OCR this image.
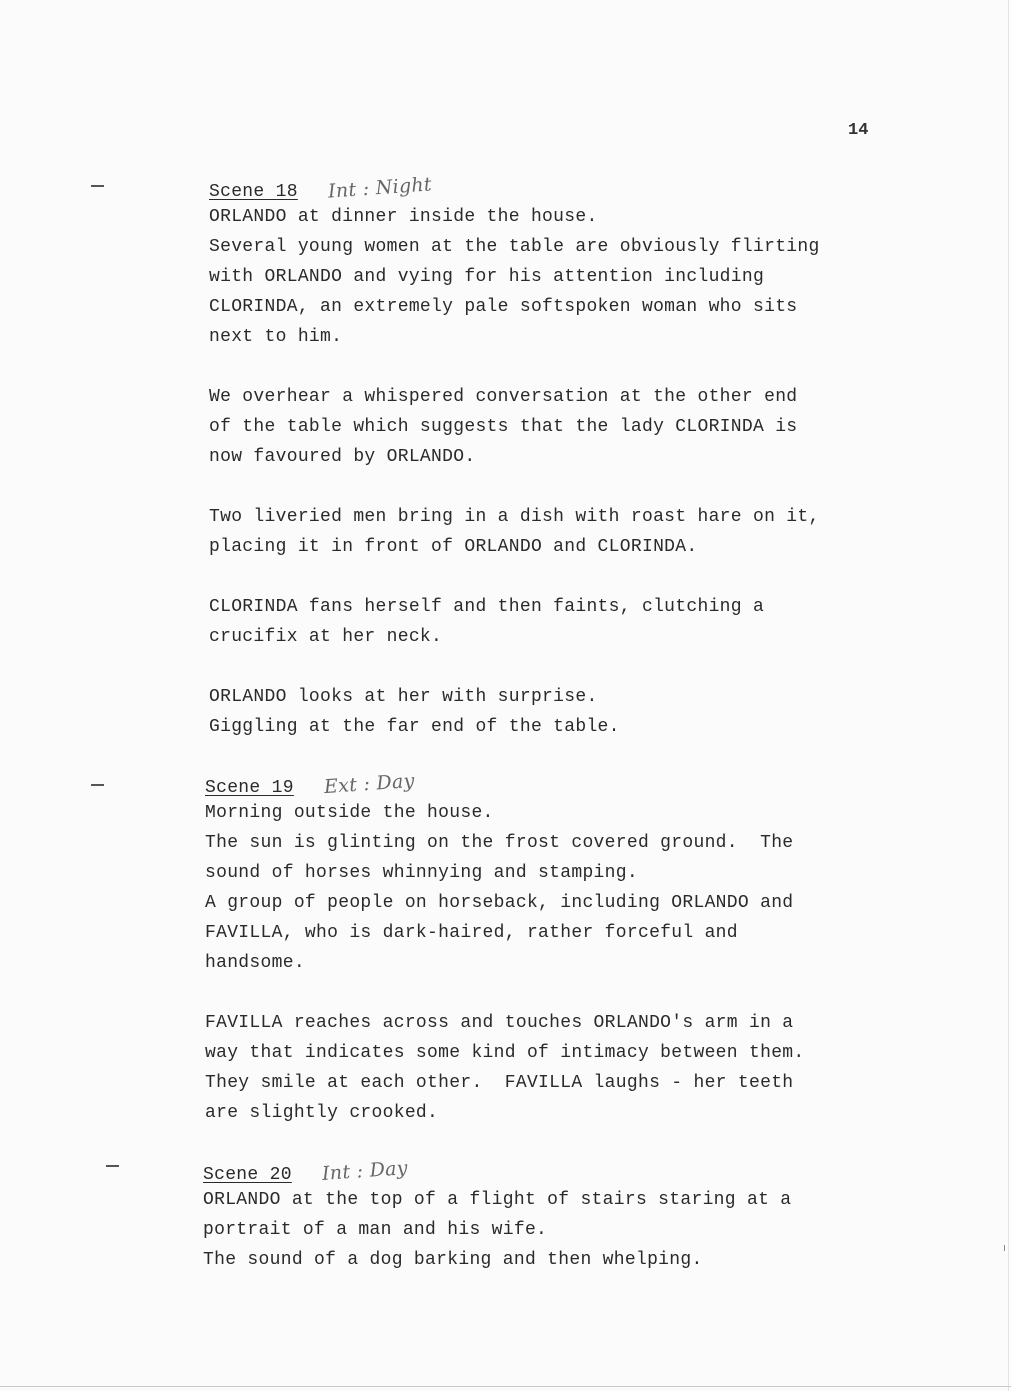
14
Scene 18 Int : Night
ORLANDO at dinner inside the house.
Several young women at the table are obviously flirting
with ORLANDO and vying for his attention including
CLORINDA, an extremely pale softspoken woman who sits
next to him.
We overhear a whispered conversation at the other end
of the table which suggests that the lady CLORINDA is
now favoured by ORLANDO.
Two liveried men bring in a dish with roast hare on it,
placing it in front of ORLANDO and CLORINDA.
CLORINDA fans herself and then faints, clutching a
crucifix at her neck.
ORLANDO looks at her with surprise.
Giggling at the far end of the table.
Scene 19 Ext : Day
Morning outside the house.
The sun is glinting on the frost covered ground.  The
sound of horses whinnying and stamping.
A group of people on horseback, including ORLANDO and
FAVILLA, who is dark-haired, rather forceful and
handsome.
FAVILLA reaches across and touches ORLANDO's arm in a
way that indicates some kind of intimacy between them.
They smile at each other.  FAVILLA laughs - her teeth
are slightly crooked.
Scene 20 Int : Day
ORLANDO at the top of a flight of stairs staring at a
portrait of a man and his wife.
The sound of a dog barking and then whelping.
